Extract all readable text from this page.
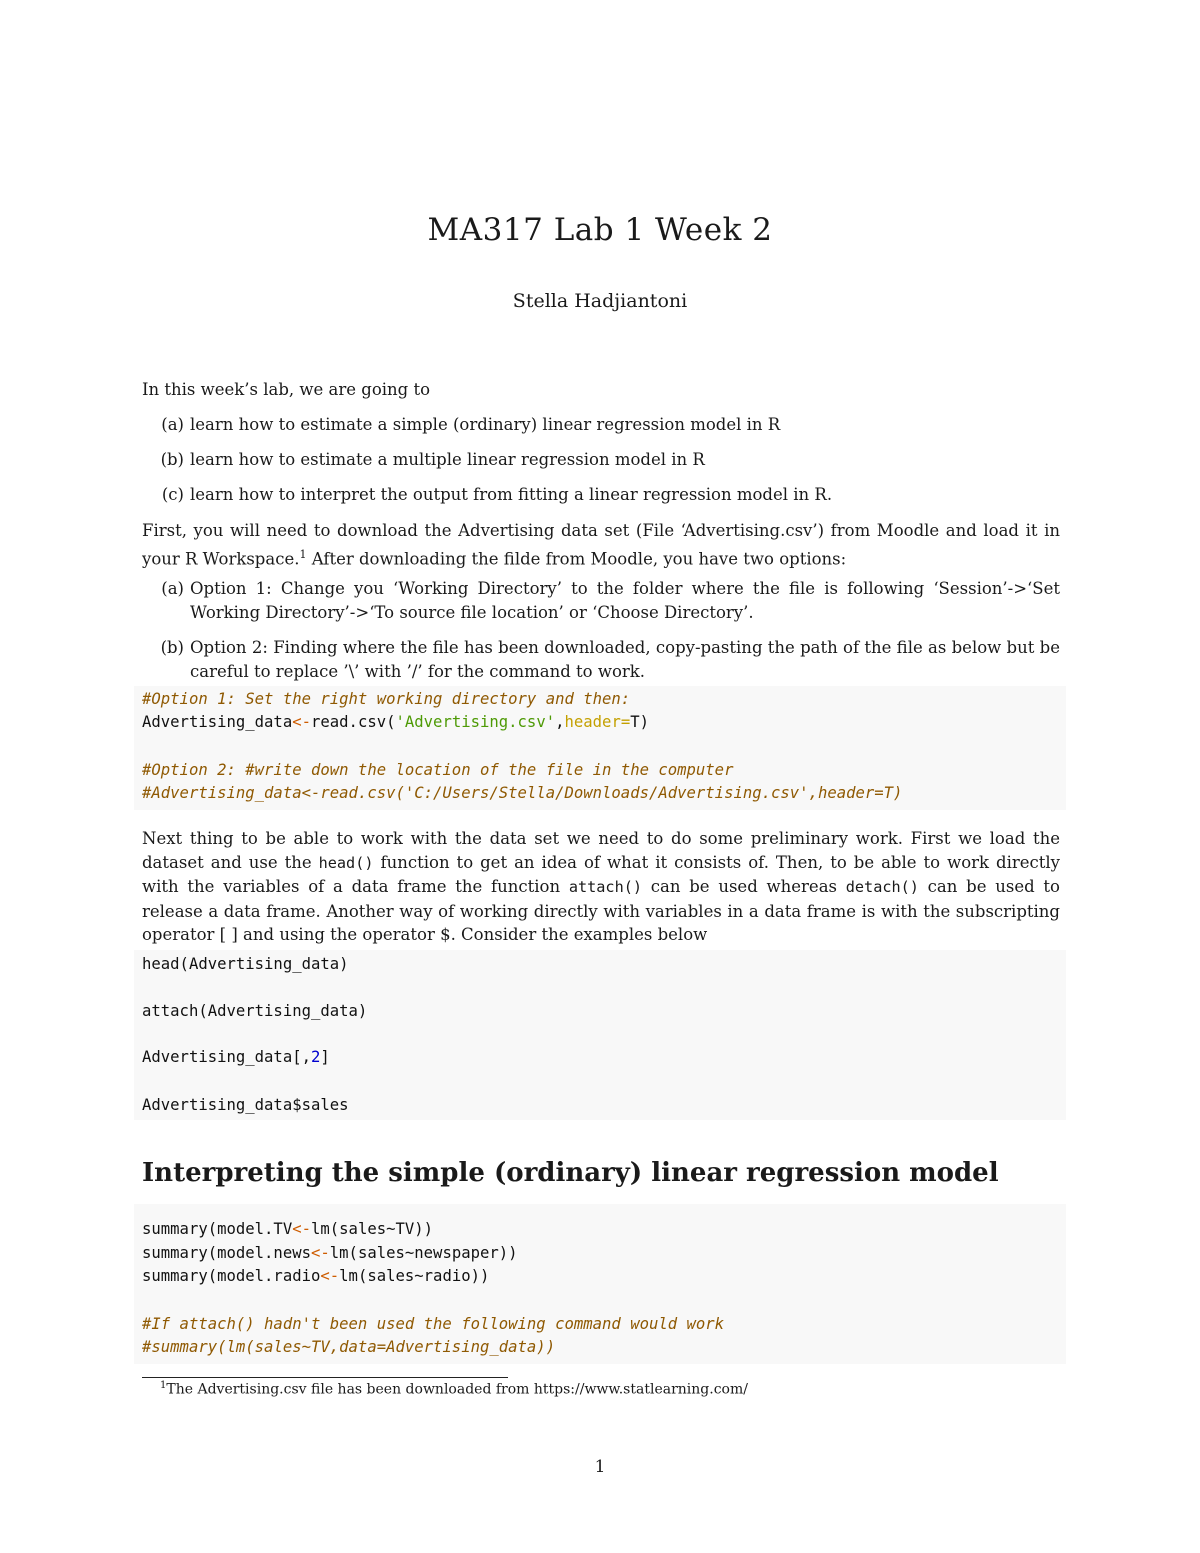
MA317 Lab 1 Week 2
Stella Hadjiantoni
In this week’s lab, we are going to
(a) learn how to estimate a simple (ordinary) linear regression model in R
(b) learn how to estimate a multiple linear regression model in R
(c) learn how to interpret the output from fitting a linear regression model in R.
First, you will need to download the Advertising data set (File ‘Advertising.csv’) from Moodle and load it in your R Workspace.$^1$ After downloading the filde from Moodle, you have two options:
(a) Option 1: Change you ‘Working Directory’ to the folder where the file is following ‘Session’->‘Set Working Directory’->‘To source file location’ or ‘Choose Directory’.
(b) Option 2: Finding where the file has been downloaded, copy-pasting the path of the file as below but be careful to replace ’\’ with ’/’ for the command to work.
#Option 1: Set the right working directory and then:
Advertising_data<-read.csv('Advertising.csv',header=T)
#Option 2: #write down the location of the file in the computer
#Advertising_data<-read.csv('C:/Users/Stella/Downloads/Advertising.csv',header=T)
Next thing to be able to work with the data set we need to do some preliminary work. First we load the dataset and use the head() function to get an idea of what it consists of. Then, to be able to work directly with the variables of a data frame the function attach() can be used whereas detach() can be used to release a data frame. Another way of working directly with variables in a data frame is with the subscripting operator [ ] and using the operator $. Consider the examples below
head(Advertising_data)
attach(Advertising_data)
Advertising_data[,2]
Advertising_data$sales
Interpreting the simple (ordinary) linear regression model
summary(model.TV<-lm(sales~TV))
summary(model.news<-lm(sales~newspaper))
summary(model.radio<-lm(sales~radio))
#If attach() hadn't been used the following command would work
#summary(lm(sales~TV,data=Advertising_data))
$^1$The Advertising.csv file has been downloaded from https://www.statlearning.com/
1
